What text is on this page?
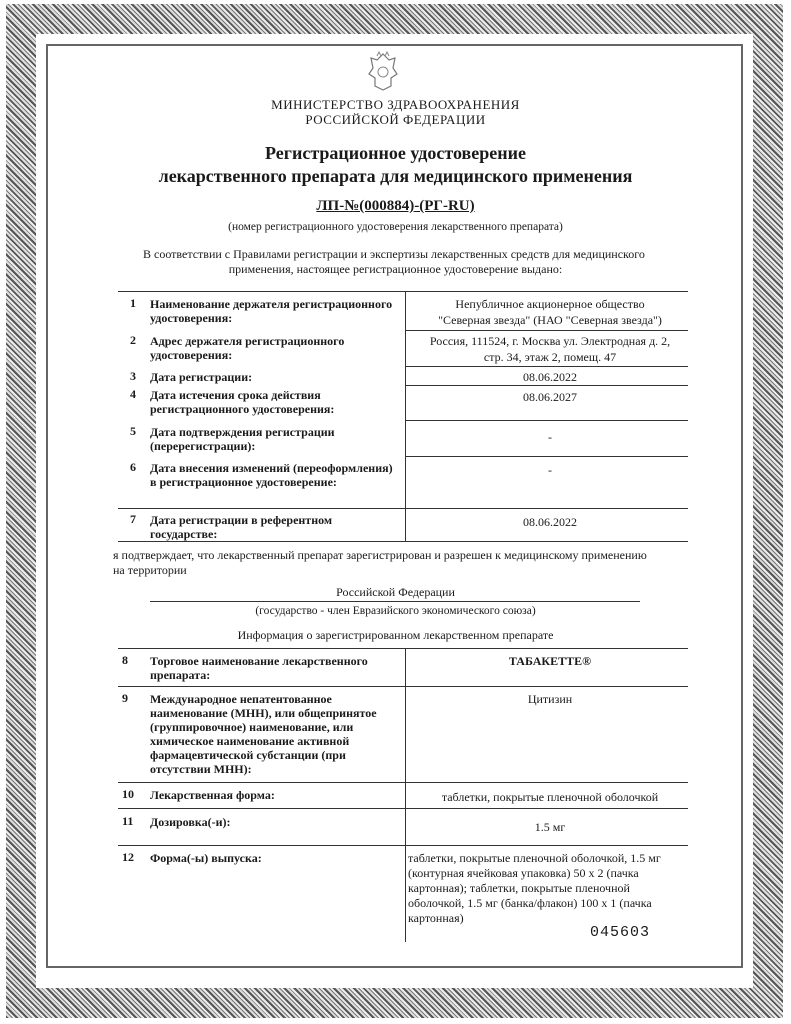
МИНИСТЕРСТВО ЗДРАВООХРАНЕНИЯ
РОССИЙСКОЙ ФЕДЕРАЦИИ
Регистрационное удостоверение
лекарственного препарата для медицинского применения
ЛП-№(000884)-(РГ-RU)
(номер регистрационного удостоверения лекарственного препарата)
В соответствии с Правилами регистрации и экспертизы лекарственных средств для медицинского
применения, настоящее регистрационное удостоверение выдано:
1 Наименование держателя регистрационного удостоверения:
Непубличное акционерное общество
"Северная звезда" (НАО "Северная звезда")
2 Адрес держателя регистрационного удостоверения:
Россия, 111524, г. Москва ул. Электродная д. 2,
стр. 34, этаж 2, помещ. 47
3 Дата регистрации:	08.06.2022
4 Дата истечения срока действия регистрационного удостоверения:
08.06.2027
5 Дата подтверждения регистрации (перерегистрации):
-
6 Дата внесения изменений (переоформления) в регистрационное удостоверение:
-
7 Дата регистрации в референтном государстве:
08.06.2022
я подтверждает, что лекарственный препарат зарегистрирован и разрешен к медицинскому применению
на территории
Российской Федерации
(государство - член Евразийского экономического союза)
Информация о зарегистрированном лекарственном препарате
8 Торговое наименование лекарственного препарата:
ТАБАКЕТТЕ®
9 Международное непатентованное наименование (МНН), или общепринятое (группировочное) наименование, или химическое наименование активной фармацевтической субстанции (при отсутствии МНН):
Цитизин
10 Лекарственная форма:	таблетки, покрытые пленочной оболочкой
11 Дозировка(-и):	1.5 мг
12 Форма(-ы) выпуска:	таблетки, покрытые пленочной оболочкой, 1.5 мг (контурная ячейковая упаковка) 50 x 2 (пачка картонная); таблетки, покрытые пленочной оболочкой, 1.5 мг (банка/флакон) 100 x 1 (пачка картонная)
045603
